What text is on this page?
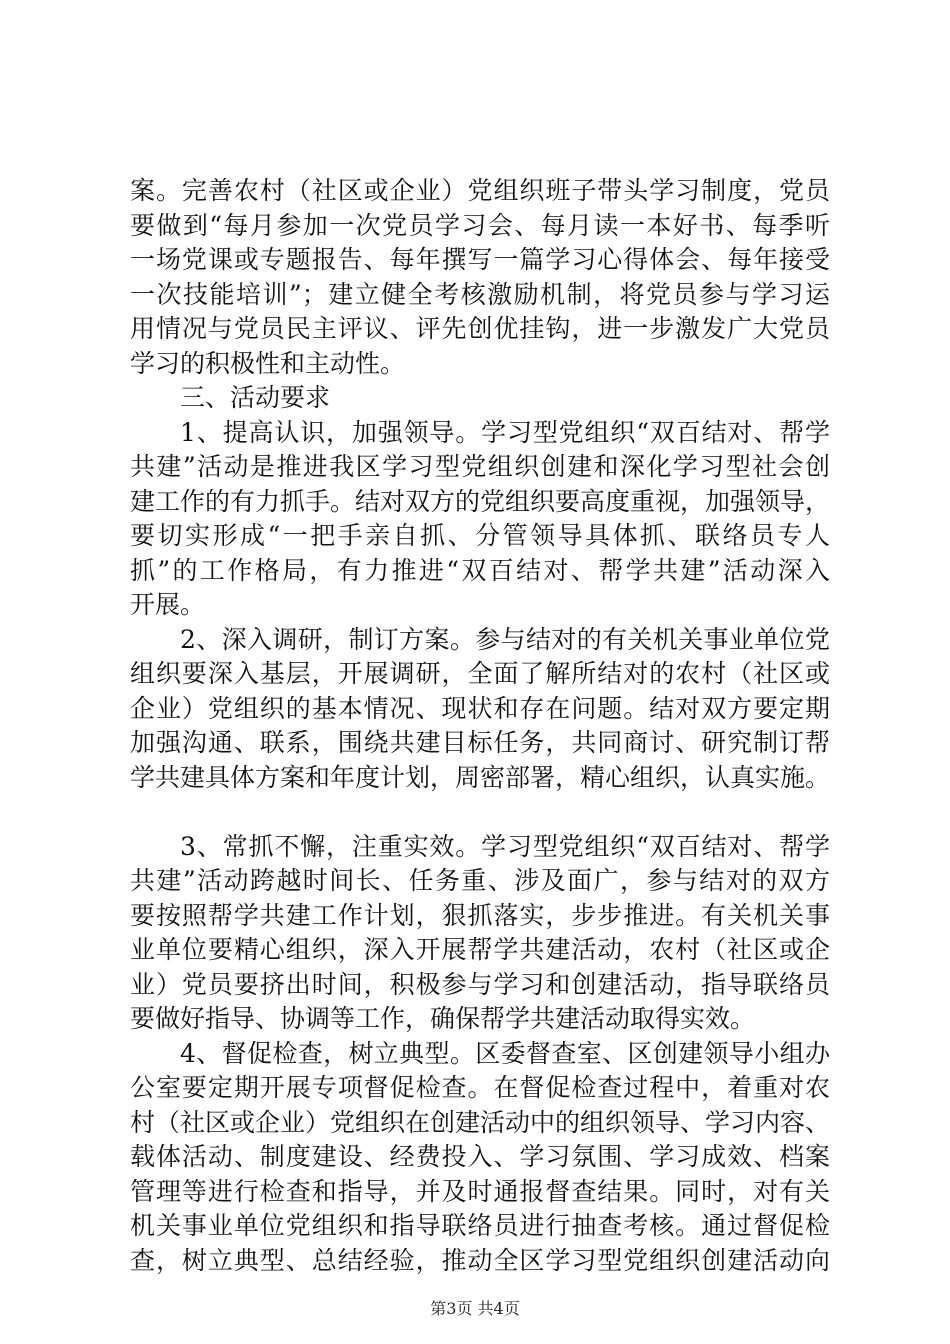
案。完善农村（社区或企业）党组织班子带头学习制度，党员
要做到“每月参加一次党员学习会、每月读一本好书、每季听
一场党课或专题报告、每年撰写一篇学习心得体会、每年接受
一次技能培训”；建立健全考核激励机制，将党员参与学习运
用情况与党员民主评议、评先创优挂钩，进一步激发广大党员
学习的积极性和主动性。
三、活动要求
1、提高认识，加强领导。学习型党组织“双百结对、帮学
共建”活动是推进我区学习型党组织创建和深化学习型社会创
建工作的有力抓手。结对双方的党组织要高度重视，加强领导，
要切实形成“一把手亲自抓、分管领导具体抓、联络员专人
抓”的工作格局，有力推进“双百结对、帮学共建”活动深入
开展。
2、深入调研，制订方案。参与结对的有关机关事业单位党
组织要深入基层，开展调研，全面了解所结对的农村（社区或
企业）党组织的基本情况、现状和存在问题。结对双方要定期
加强沟通、联系，围绕共建目标任务，共同商讨、研究制订帮
学共建具体方案和年度计划，周密部署，精心组织，认真实施。
3、常抓不懈，注重实效。学习型党组织“双百结对、帮学
共建”活动跨越时间长、任务重、涉及面广，参与结对的双方
要按照帮学共建工作计划，狠抓落实，步步推进。有关机关事
业单位要精心组织，深入开展帮学共建活动，农村（社区或企
业）党员要挤出时间，积极参与学习和创建活动，指导联络员
要做好指导、协调等工作，确保帮学共建活动取得实效。
4、督促检查，树立典型。区委督查室、区创建领导小组办
公室要定期开展专项督促检查。在督促检查过程中，着重对农
村（社区或企业）党组织在创建活动中的组织领导、学习内容、
载体活动、制度建设、经费投入、学习氛围、学习成效、档案
管理等进行检查和指导，并及时通报督查结果。同时，对有关
机关事业单位党组织和指导联络员进行抽查考核。通过督促检
查，树立典型、总结经验，推动全区学习型党组织创建活动向
第3页 共4页
